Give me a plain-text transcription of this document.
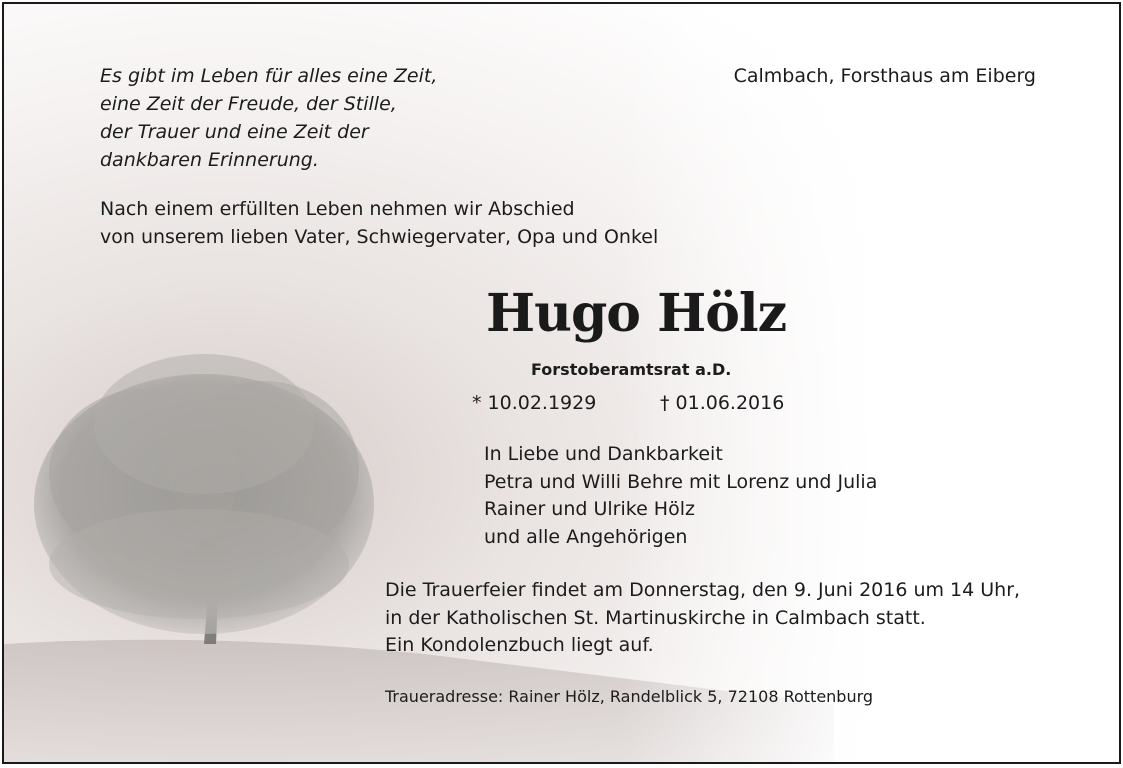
Es gibt im Leben für alles eine Zeit,
eine Zeit der Freude, der Stille,
der Trauer und eine Zeit der
dankbaren Erinnerung.
Calmbach, Forsthaus am Eiberg
Nach einem erfüllten Leben nehmen wir Abschied
von unserem lieben Vater, Schwiegervater, Opa und Onkel
Hugo Hölz
Forstoberamtsrat a.D.
* 10.02.1929	† 01.06.2016
In Liebe und Dankbarkeit
Petra und Willi Behre mit Lorenz und Julia
Rainer und Ulrike Hölz
und alle Angehörigen
Die Trauerfeier findet am Donnerstag, den 9. Juni 2016 um 14 Uhr,
in der Katholischen St. Martinuskirche in Calmbach statt.
Ein Kondolenzbuch liegt auf.
Traueradresse: Rainer Hölz, Randelblick 5, 72108 Rottenburg
